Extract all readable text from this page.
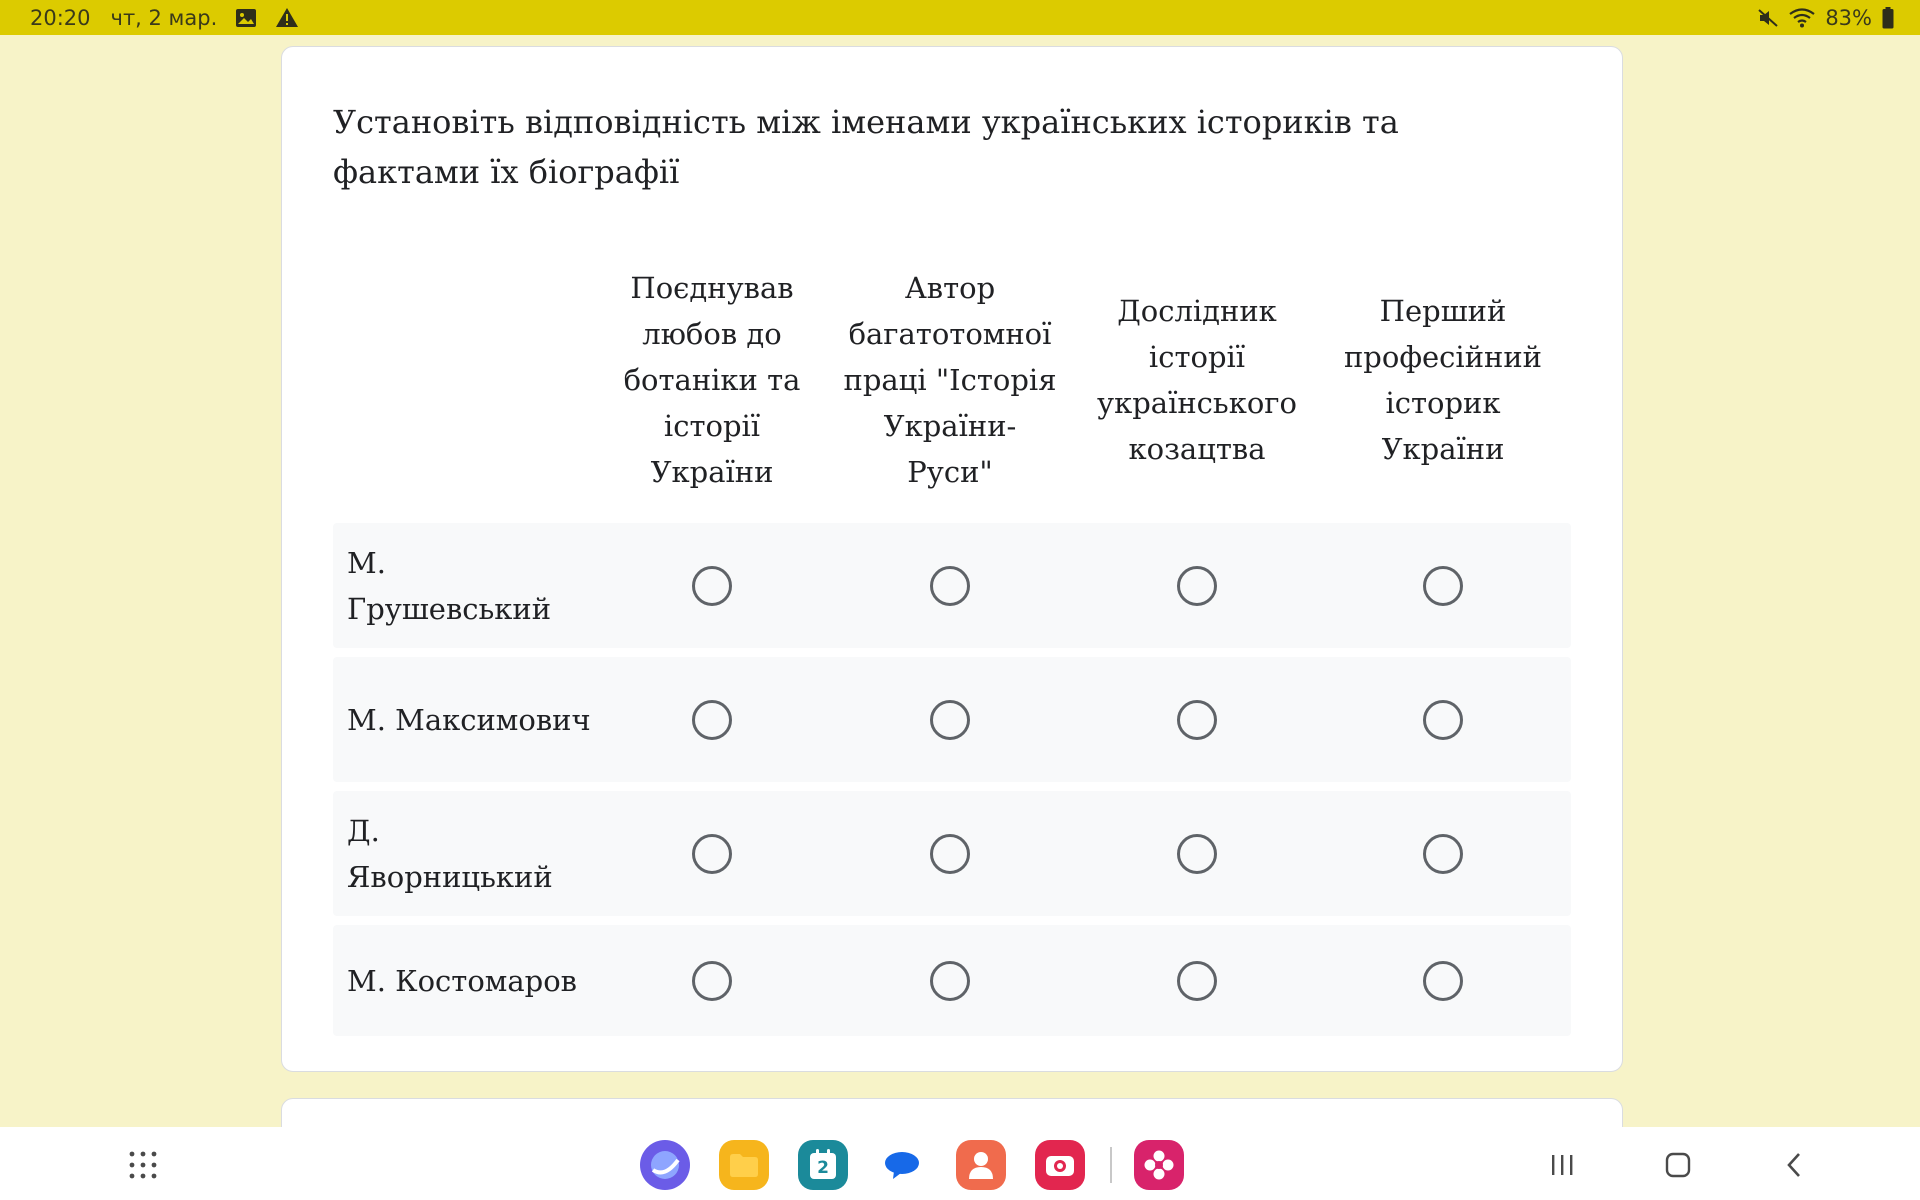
20:20 чт, 2 мар.	83%
Установіть відповідність між іменами українських істориків та фактами їх біографії
Поєднував любов до ботаніки та історії України
Автор багатотомної праці "Історія України-Руси"
Дослідник історії українського козацтва
Перший професійний історик України
М. Грушевський
М. Максимович
Д. Яворницький
М. Костомаров
2
